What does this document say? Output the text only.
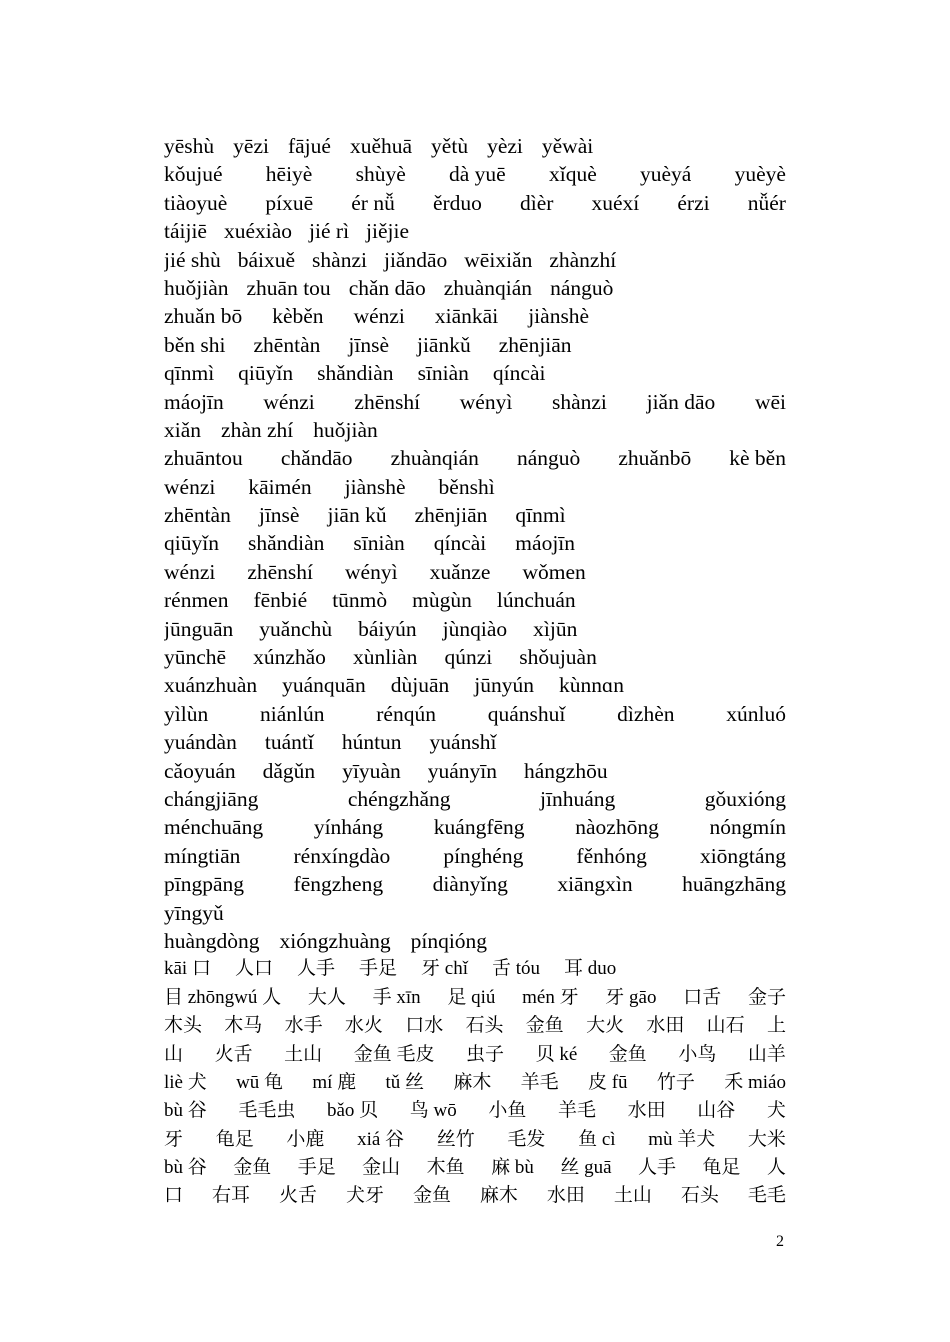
yēshù yēzi fājué xuěhuā yětù yèzi yěwài
kǒujué hēiyè shùyè dà yuē xǐquè yuèyá yuèyè
tiàoyuè píxuē ér nǚ ěrduo dìèr xuéxí érzi nǚér
táijiē xuéxiào jié rì jiějie
jié shù báixuě shànzi jiǎndāo wēixiǎn zhànzhí
huǒjiàn zhuān tou chǎn dāo zhuànqián nánguò
zhuǎn bō kèběn wénzi xiānkāi jiànshè
běn shi zhēntàn jīnsè jiānkǔ zhēnjiān
qīnmì qiūyǐn shǎndiàn sīniàn qíncài
máojīn wénzi zhēnshí wényì shànzi jiǎn dāo wēi
xiǎn zhàn zhí huǒjiàn
zhuāntou chǎndāo zhuànqián nánguò zhuǎnbō kè běn
wénzi kāimén jiànshè běnshì
zhēntàn jīnsè jiān kǔ zhēnjiān qīnmì
qiūyǐn shǎndiàn sīniàn qíncài máojīn
wénzi zhēnshí wényì xuǎnze wǒmen
rénmen fēnbié tūnmò mùgùn lúnchuán
jūnguān yuǎnchù báiyún jùnqiào xìjūn
yūnchē xúnzhǎo xùnliàn qúnzi shǒujuàn
xuánzhuàn yuánquān dùjuān jūnyún kùnnɑn
yìlùn niánlún rénqún quánshuǐ dìzhèn xúnluó
yuándàn tuántǐ húntun yuánshǐ
cǎoyuán dǎgǔn yīyuàn yuányīn hángzhōu
chángjiāng	chéngzhǎng	jīnhuáng	gǒuxióng
ménchuāng yínháng kuángfēng nàozhōng nóngmín
míngtiān rénxíngdào pínghéng fěnhóng xiōngtáng
pīngpāng fēngzheng diànyǐng xiāngxìn huāngzhāng
yīngyǔ
huàngdòng xióngzhuàng pínqióng
kāi 口 人口 人手 手足 牙 chǐ 舌 tóu 耳 duo
目 zhōngwú 人 大人 手 xīn 足 qiú mén 牙 牙 gāo 口舌 金子
木头 木马 水手 水火 口水 石头 金鱼 大火 水田 山石 上
山 火舌 土山 金鱼 毛皮 虫子 贝 ké 金鱼 小鸟 山羊
liè 犬 wū 龟 mí 鹿 tǔ 丝 麻木 羊毛 皮 fū 竹子 禾 miáo
bù 谷 毛毛虫 bǎo 贝 鸟 wō 小鱼 羊毛 水田 山谷 犬
牙 龟足 小鹿 xiá 谷 丝竹 毛发 鱼 cì mù 羊犬 大米
bù 谷 金鱼 手足 金山 木鱼 麻 bù 丝 guā 人手 龟足 人
口 右耳 火舌 犬牙 金鱼 麻木 水田 土山 石头 毛毛
2
